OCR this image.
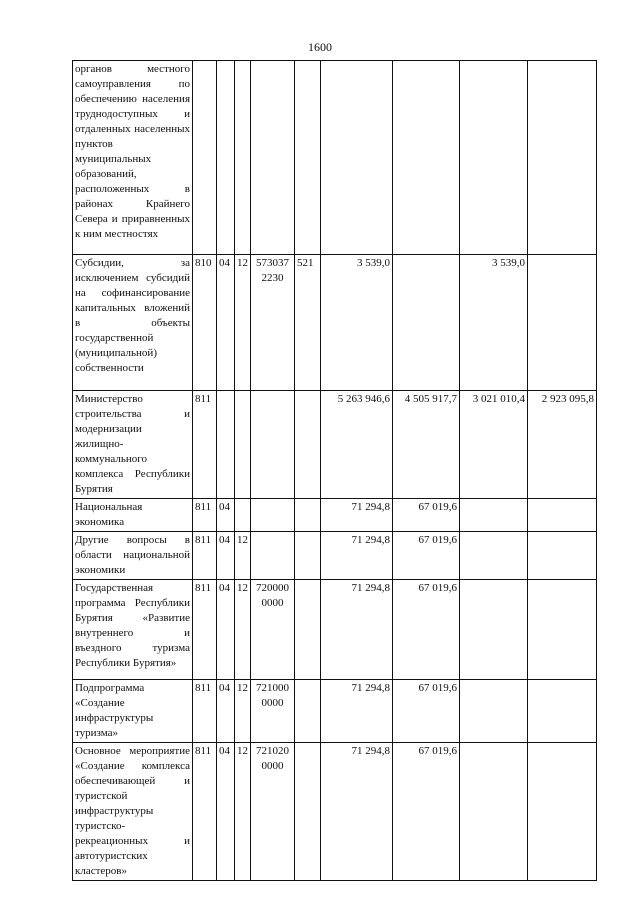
1600
органов местного самоуправления по обеспечению населения труднодоступных и отдаленных населенных пунктов муниципальных образований, расположенных в районах Крайнего Севера и приравненных к ним местностях									
Субсидии, за исключением субсидий на софинансирование капитальных вложений в объекты государственной (муниципальной) собственности	810	04	12	573037 2230	521	3 539,0		3 539,0	
Министерство строительства и модернизации жилищно-коммунального комплекса Республики Бурятия	811					5 263 946,6	4 505 917,7	3 021 010,4	2 923 095,8
Национальная экономика	811	04				71 294,8	67 019,6		
Другие вопросы в области национальной экономики	811	04	12			71 294,8	67 019,6		
Государственная программа Республики Бурятия «Развитие внутреннего и въездного туризма Республики Бурятия»	811	04	12	720000 0000		71 294,8	67 019,6		
Подпрограмма «Создание инфраструктуры туризма»	811	04	12	721000 0000		71 294,8	67 019,6		
Основное мероприятие «Создание комплекса обеспечивающей и туристской инфраструктуры туристско-рекреационных и автотуристских кластеров»	811	04	12	721020 0000		71 294,8	67 019,6		
